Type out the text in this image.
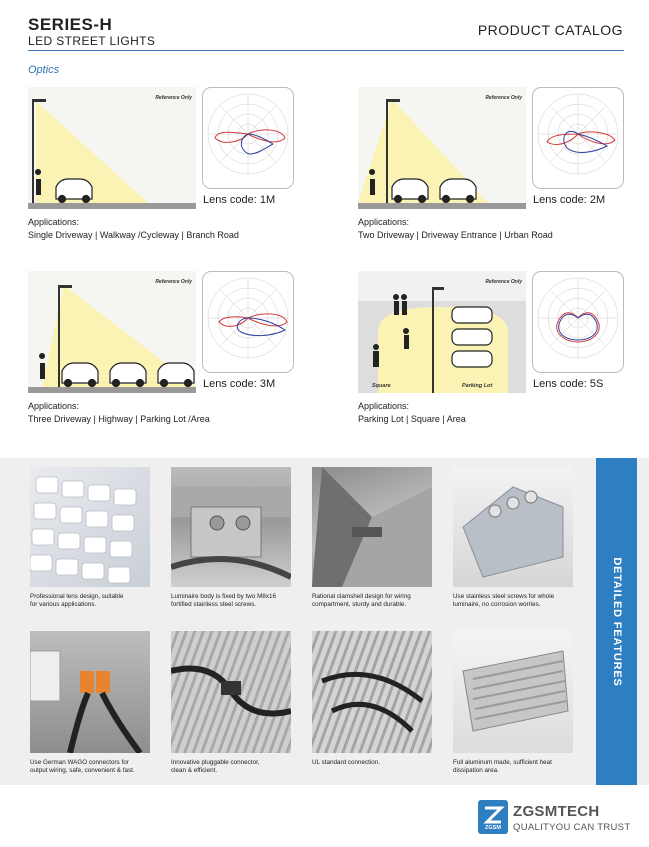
SERIES-H
LED STREET LIGHTS
PRODUCT CATALOG
Optics
Reference Only
Lens code: 1M
Applications:
Single Driveway | Walkway /Cycleway | Branch Road
Reference Only
Lens code: 2M
Applications:
Two Driveway | Driveway Entrance | Urban Road
Reference Only
Lens code: 3M
Applications:
Three Driveway | Highway | Parking Lot /Area
Reference Only
Square	Parking Lot	Lens code: 5S
Applications:
Parking Lot | Square | Area
Professional lens design, suitable
for various applications.
Luminaire body is fixed by two M8x16
fortified stainless steel screws.
Rational clamshell design for wiring
compartment, sturdy and durable.
Use stainless steel screws for whole
luminaire, no corrosion worries.
Use German WAGO connectors for
output wiring, safe, convenient & fast.
Innovative pluggable connector,
clean & efficient.
UL standard connection.	Full aluminum made, sufficient heat
dissipation area.
DETAILED FEATURES
ZGSM
ZGSMTECH
QUALITYOU CAN TRUST
